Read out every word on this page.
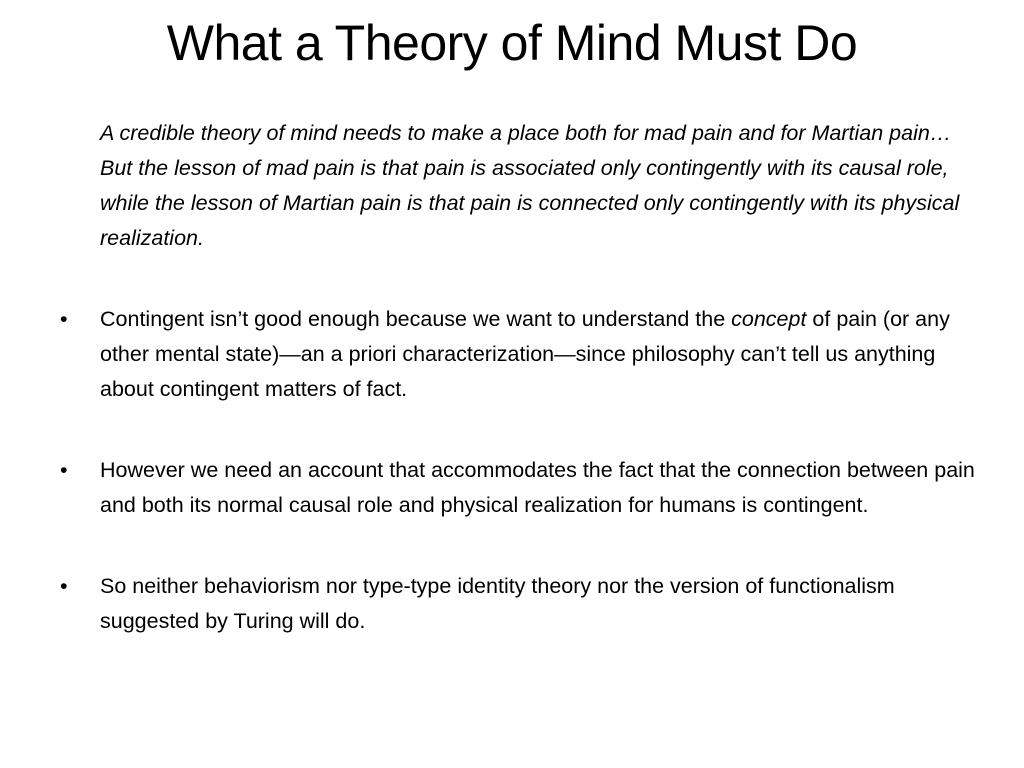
What a Theory of Mind Must Do

A credible theory of mind needs to make a place both for mad pain and for Martian pain…But the lesson of mad pain is that pain is associated only contingently with its causal role, while the lesson of Martian pain is that pain is connected only contingently with its physical realization.

• Contingent isn’t good enough because we want to understand the concept of pain (or any other mental state)—an a priori characterization—since philosophy can’t tell us anything about contingent matters of fact.

• However we need an account that accommodates the fact that the connection between pain and both its normal causal role and physical realization for humans is contingent.

• So neither behaviorism nor type-type identity theory nor the version of functionalism suggested by Turing will do.
